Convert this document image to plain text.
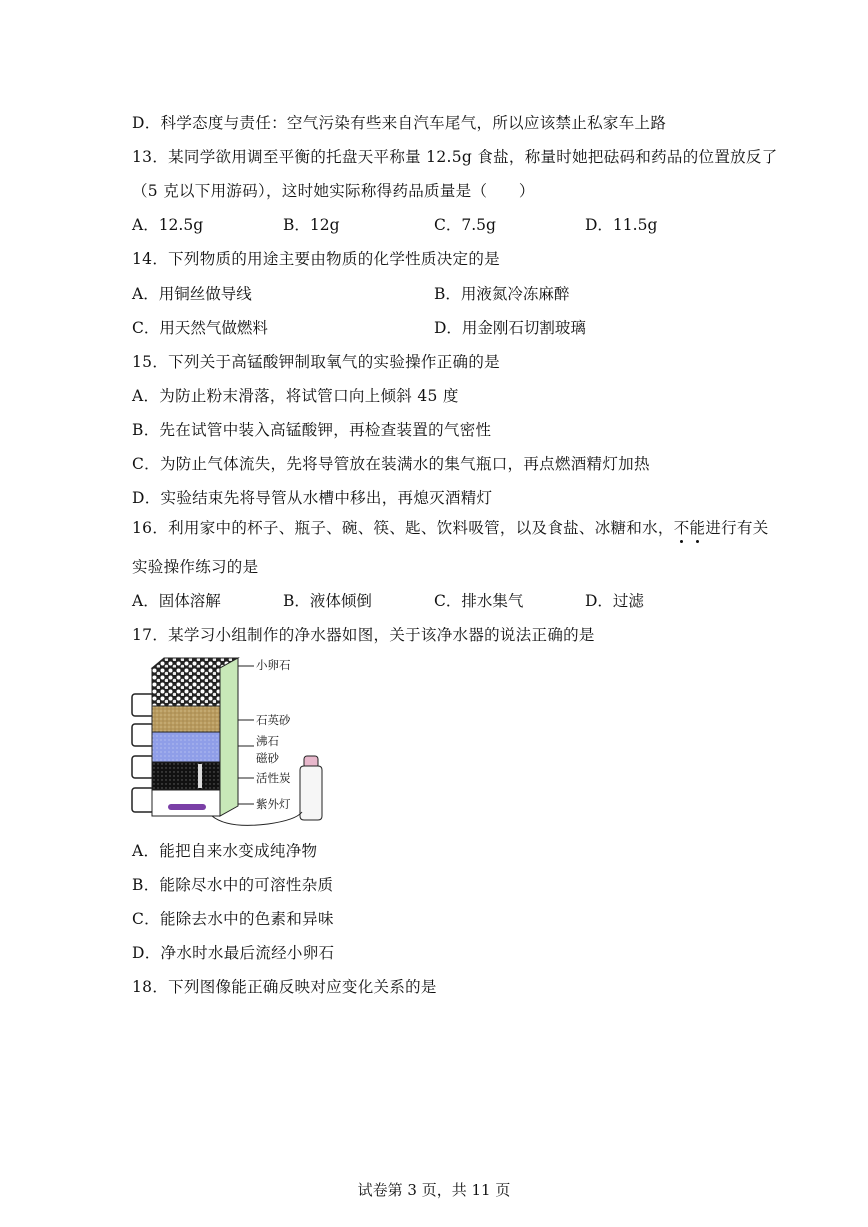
D．科学态度与责任：空气污染有些来自汽车尾气，所以应该禁止私家车上路
13．某同学欲用调至平衡的托盘天平称量 12.5g 食盐，称量时她把砝码和药品的位置放反了
（5 克以下用游码），这时她实际称得药品质量是（　　）
A．12.5g	B．12g	C．7.5g	D．11.5g
14．下列物质的用途主要由物质的化学性质决定的是
A．用铜丝做导线	B．用液氮冷冻麻醉
C．用天然气做燃料	D．用金刚石切割玻璃
15．下列关于高锰酸钾制取氧气的实验操作正确的是
A．为防止粉末滑落，将试管口向上倾斜 45 度
B．先在试管中装入高锰酸钾，再检查装置的气密性
C．为防止气体流失，先将导管放在装满水的集气瓶口，再点燃酒精灯加热
D．实验结束先将导管从水槽中移出，再熄灭酒精灯
16．利用家中的杯子、瓶子、碗、筷、匙、饮料吸管，以及食盐、冰糖和水，不能进行有关
实验操作练习的是
A．固体溶解	B．液体倾倒	C．排水集气	D．过滤
17．某学习小组制作的净水器如图，关于该净水器的说法正确的是
小卵石
石英砂
沸石
磁砂
活性炭
紫外灯
A．能把自来水变成纯净物
B．能除尽水中的可溶性杂质
C．能除去水中的色素和异味
D．净水时水最后流经小卵石
18．下列图像能正确反映对应变化关系的是
试卷第 3 页，共 11 页
